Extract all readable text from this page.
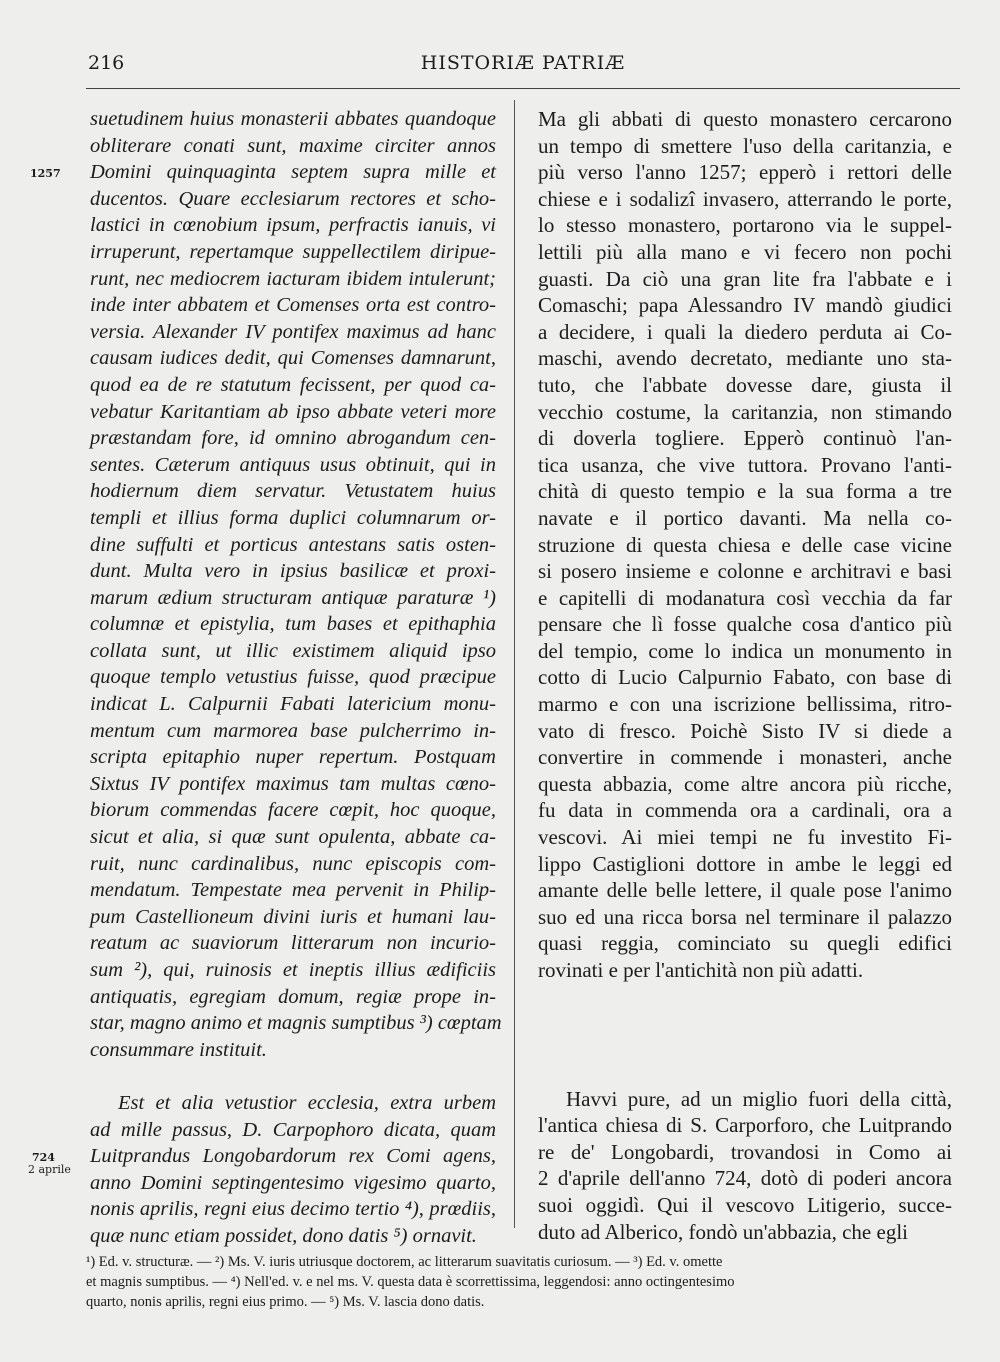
216	HISTORIÆ PATRIÆ
1257
724
2 aprile
suetudinem huius monasterii abbates quandoque
obliterare conati sunt, maxime circiter annos
Domini quinquaginta septem supra mille et
ducentos. Quare ecclesiarum rectores et scho-
lastici in cœnobium ipsum, perfractis ianuis, vi
irruperunt, repertamque suppellectilem diripue-
runt, nec mediocrem iacturam ibidem intulerunt;
inde inter abbatem et Comenses orta est contro-
versia. Alexander IV pontifex maximus ad hanc
causam iudices dedit, qui Comenses damnarunt,
quod ea de re statutum fecissent, per quod ca-
vebatur Karitantiam ab ipso abbate veteri more
præstandam fore, id omnino abrogandum cen-
sentes. Cæterum antiquus usus obtinuit, qui in
hodiernum diem servatur. Vetustatem huius
templi et illius forma duplici columnarum or-
dine suffulti et porticus antestans satis osten-
dunt. Multa vero in ipsius basilicæ et proxi-
marum ædium structuram antiquæ paraturæ ¹)
columnæ et epistylia, tum bases et epithaphia
collata sunt, ut illic existimem aliquid ipso
quoque templo vetustius fuisse, quod præcipue
indicat L. Calpurnii Fabati latericium monu-
mentum cum marmorea base pulcherrimo in-
scripta epitaphio nuper repertum. Postquam
Sixtus IV pontifex maximus tam multas cœno-
biorum commendas facere cœpit, hoc quoque,
sicut et alia, si quæ sunt opulenta, abbate ca-
ruit, nunc cardinalibus, nunc episcopis com-
mendatum. Tempestate mea pervenit in Philip-
pum Castellioneum divini iuris et humani lau-
reatum ac suaviorum litterarum non incurio-
sum ²), qui, ruinosis et ineptis illius ædificiis
antiquatis, egregiam domum, regiæ prope in-
star, magno animo et magnis sumptibus ³) cœptam
consummare instituit.
Est et alia vetustior ecclesia, extra urbem
ad mille passus, D. Carpophoro dicata, quam
Luitprandus Longobardorum rex Comi agens,
anno Domini septingentesimo vigesimo quarto,
nonis aprilis, regni eius decimo tertio ⁴), prœdiis,
quæ nunc etiam possidet, dono datis ⁵) ornavit.
Ma gli abbati di questo monastero cercarono
un tempo di smettere l'uso della caritanzia, e
più verso l'anno 1257; epperò i rettori delle
chiese e i sodalizî invasero, atterrando le porte,
lo stesso monastero, portarono via le suppel-
lettili più alla mano e vi fecero non pochi
guasti. Da ciò una gran lite fra l'abbate e i
Comaschi; papa Alessandro IV mandò giudici
a decidere, i quali la diedero perduta ai Co-
maschi, avendo decretato, mediante uno sta-
tuto, che l'abbate dovesse dare, giusta il
vecchio costume, la caritanzia, non stimando
di doverla togliere. Epperò continuò l'an-
tica usanza, che vive tuttora. Provano l'anti-
chità di questo tempio e la sua forma a tre
navate e il portico davanti. Ma nella co-
struzione di questa chiesa e delle case vicine
si posero insieme e colonne e architravi e basi
e capitelli di modanatura così vecchia da far
pensare che lì fosse qualche cosa d'antico più
del tempio, come lo indica un monumento in
cotto di Lucio Calpurnio Fabato, con base di
marmo e con una iscrizione bellissima, ritro-
vato di fresco. Poichè Sisto IV si diede a
convertire in commende i monasteri, anche
questa abbazia, come altre ancora più ricche,
fu data in commenda ora a cardinali, ora a
vescovi. Ai miei tempi ne fu investito Fi-
lippo Castiglioni dottore in ambe le leggi ed
amante delle belle lettere, il quale pose l'animo
suo ed una ricca borsa nel terminare il palazzo
quasi reggia, cominciato su quegli edifici
rovinati e per l'antichità non più adatti.
Havvi pure, ad un miglio fuori della città,
l'antica chiesa di S. Carporforo, che Luitprando
re de' Longobardi, trovandosi in Como ai
2 d'aprile dell'anno 724, dotò di poderi ancora
suoi oggidì. Qui il vescovo Litigerio, succe-
duto ad Alberico, fondò un'abbazia, che egli
¹) Ed. v. structuræ. — ²) Ms. V. iuris utriusque doctorem, ac litterarum suavitatis curiosum. — ³) Ed. v. omette
et magnis sumptibus. — ⁴) Nell'ed. v. e nel ms. V. questa data è scorrettissima, leggendosi: anno octingentesimo
quarto, nonis aprilis, regni eius primo. — ⁵) Ms. V. lascia dono datis.
